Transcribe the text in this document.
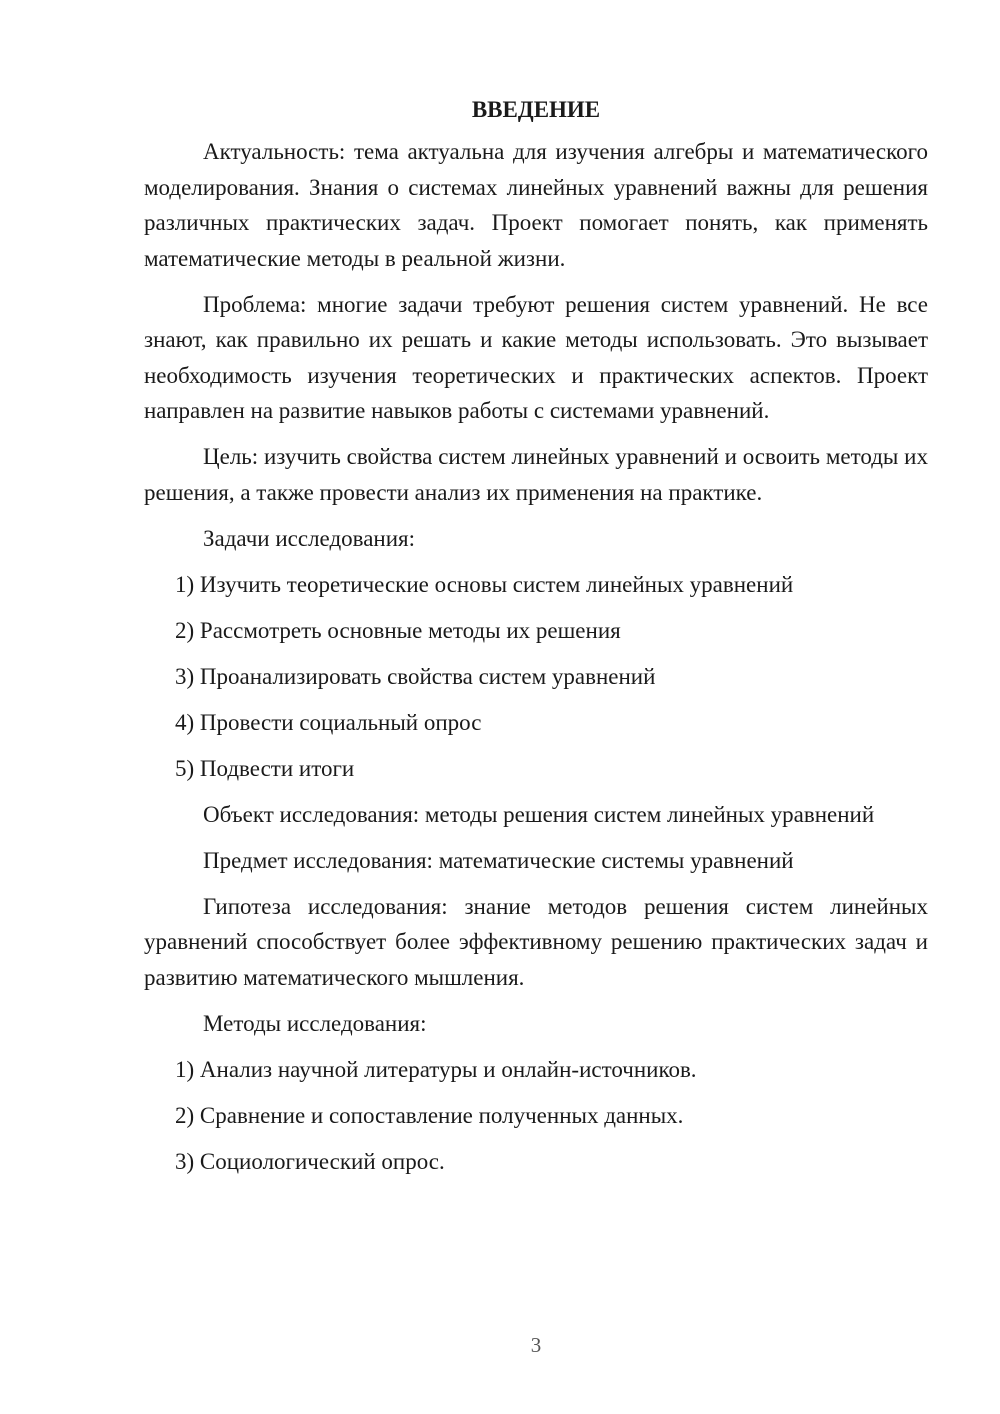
ВВЕДЕНИЕ

Актуальность: тема актуальна для изучения алгебры и математического моделирования. Знания о системах линейных уравнений важны для решения различных практических задач. Проект помогает понять, как применять математические методы в реальной жизни.

Проблема: многие задачи требуют решения систем уравнений. Не все знают, как правильно их решать и какие методы использовать. Это вызывает необходимость изучения теоретических и практических аспектов. Проект направлен на развитие навыков работы с системами уравнений.

Цель: изучить свойства систем линейных уравнений и освоить методы их решения, а также провести анализ их применения на практике.

Задачи исследования:

1) Изучить теоретические основы систем линейных уравнений

2) Рассмотреть основные методы их решения

3) Проанализировать свойства систем уравнений

4) Провести социальный опрос

5) Подвести итоги

Объект исследования: методы решения систем линейных уравнений

Предмет исследования: математические системы уравнений

Гипотеза исследования: знание методов решения систем линейных уравнений способствует более эффективному решению практических задач и развитию математического мышления.

Методы исследования:

1) Анализ научной литературы и онлайн-источников.

2) Сравнение и сопоставление полученных данных.

3) Социологический опрос.

3
